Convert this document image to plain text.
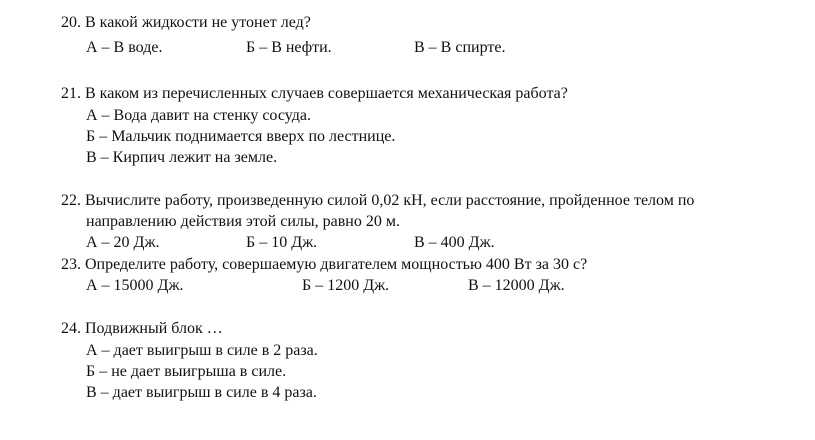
20. В какой жидкости не утонет лед?
А – В воде.	Б – В нефти.	В – В спирте.
21. В каком из перечисленных случаев совершается механическая работа?
А – Вода давит на стенку сосуда.
Б – Мальчик поднимается вверх по лестнице.
В – Кирпич лежит на земле.
22. Вычислите работу, произведенную силой 0,02 кН, если расстояние, пройденное телом по
направлению действия этой силы, равно 20 м.
А – 20 Дж.	Б – 10 Дж.	В – 400 Дж.
23. Определите работу, совершаемую двигателем мощностью 400 Вт за 30 с?
А – 15000 Дж.	Б – 1200 Дж.	В – 12000 Дж.
24. Подвижный блок …
А – дает выигрыш в силе в 2 раза.
Б – не дает выигрыша в силе.
В – дает выигрыш в силе в 4 раза.
